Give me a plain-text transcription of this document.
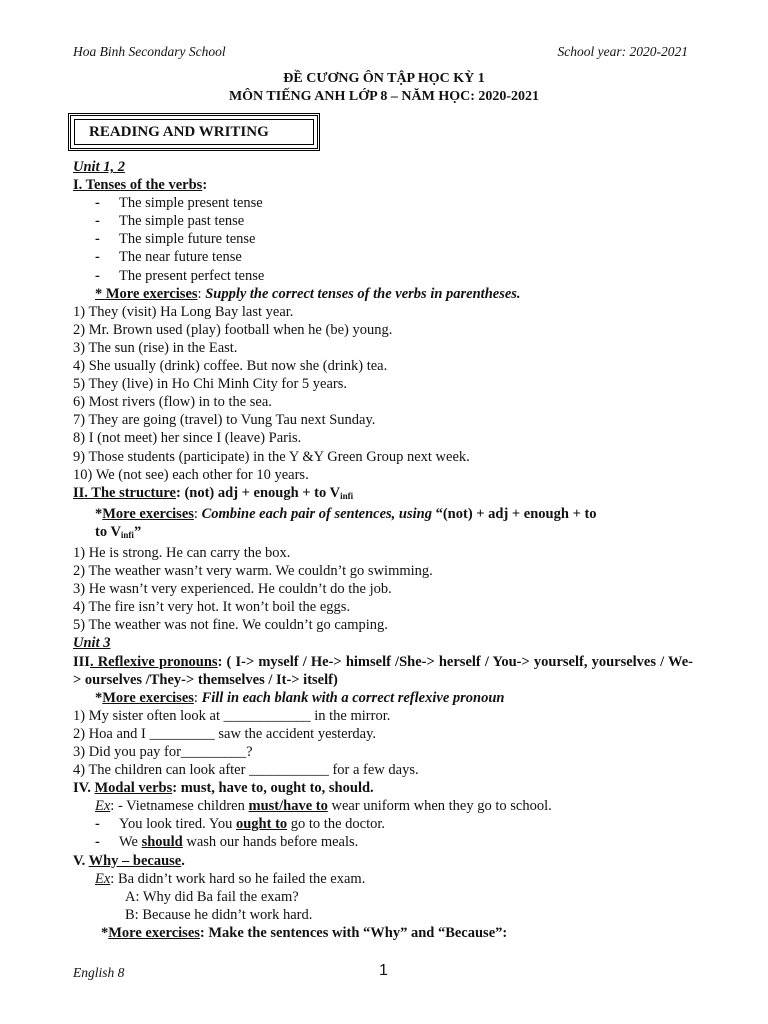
Hoa Binh Secondary School	School year: 2020-2021
ĐỀ CƯƠNG ÔN TẬP HỌC KỲ 1
MÔN TIẾNG ANH LỚP 8 – NĂM HỌC: 2020-2021
READING AND WRITING
Unit 1, 2
I. Tenses of the verbs:
- The simple present tense
- The simple past tense
- The simple future tense
- The near future tense
- The present perfect tense
* More exercises: Supply the correct tenses of the verbs in parentheses.
1) They (visit) Ha Long Bay last year.
2) Mr. Brown used (play) football when he (be) young.
3) The sun (rise) in the East.
4) She usually (drink) coffee. But now she (drink) tea.
5) They (live) in Ho Chi Minh City for 5 years.
6) Most rivers (flow) in to the sea.
7) They are going (travel) to Vung Tau next Sunday.
8) I (not meet) her since I (leave) Paris.
9) Those students (participate) in the Y &Y Green Group next week.
10) We (not see) each other for 10 years.
II. The structure: (not) adj + enough + to $V_{infi}$
*More exercises: Combine each pair of sentences, using “(not) + adj + enough + to
to $V_{infi}$”
1) He is strong. He can carry the box.
2) The weather wasn’t very warm. We couldn’t go swimming.
3) He wasn’t very experienced. He couldn’t do the job.
4) The fire isn’t very hot. It won’t boil the eggs.
5) The weather was not fine. We couldn’t go camping.
Unit 3
III. Reflexive pronouns: ( I-> myself / He-> himself /She-> herself / You-> yourself, yourselves / We-> ourselves /They-> themselves / It-> itself)
*More exercises: Fill in each blank with a correct reflexive pronoun
1) My sister often look at ____________ in the mirror.
2) Hoa and I _________ saw the accident yesterday.
3) Did you pay for_________?
4) The children can look after ___________ for a few days.
IV. Modal verbs: must, have to, ought to, should.
Ex: - Vietnamese children must/have to wear uniform when they go to school.
- You look tired. You ought to go to the doctor.
- We should wash our hands before meals.
V. Why – because.
Ex: Ba didn’t work hard so he failed the exam.
A: Why did Ba fail the exam?
B: Because he didn’t work hard.
*More exercises: Make the sentences with “Why” and “Because”:
English 8	1
